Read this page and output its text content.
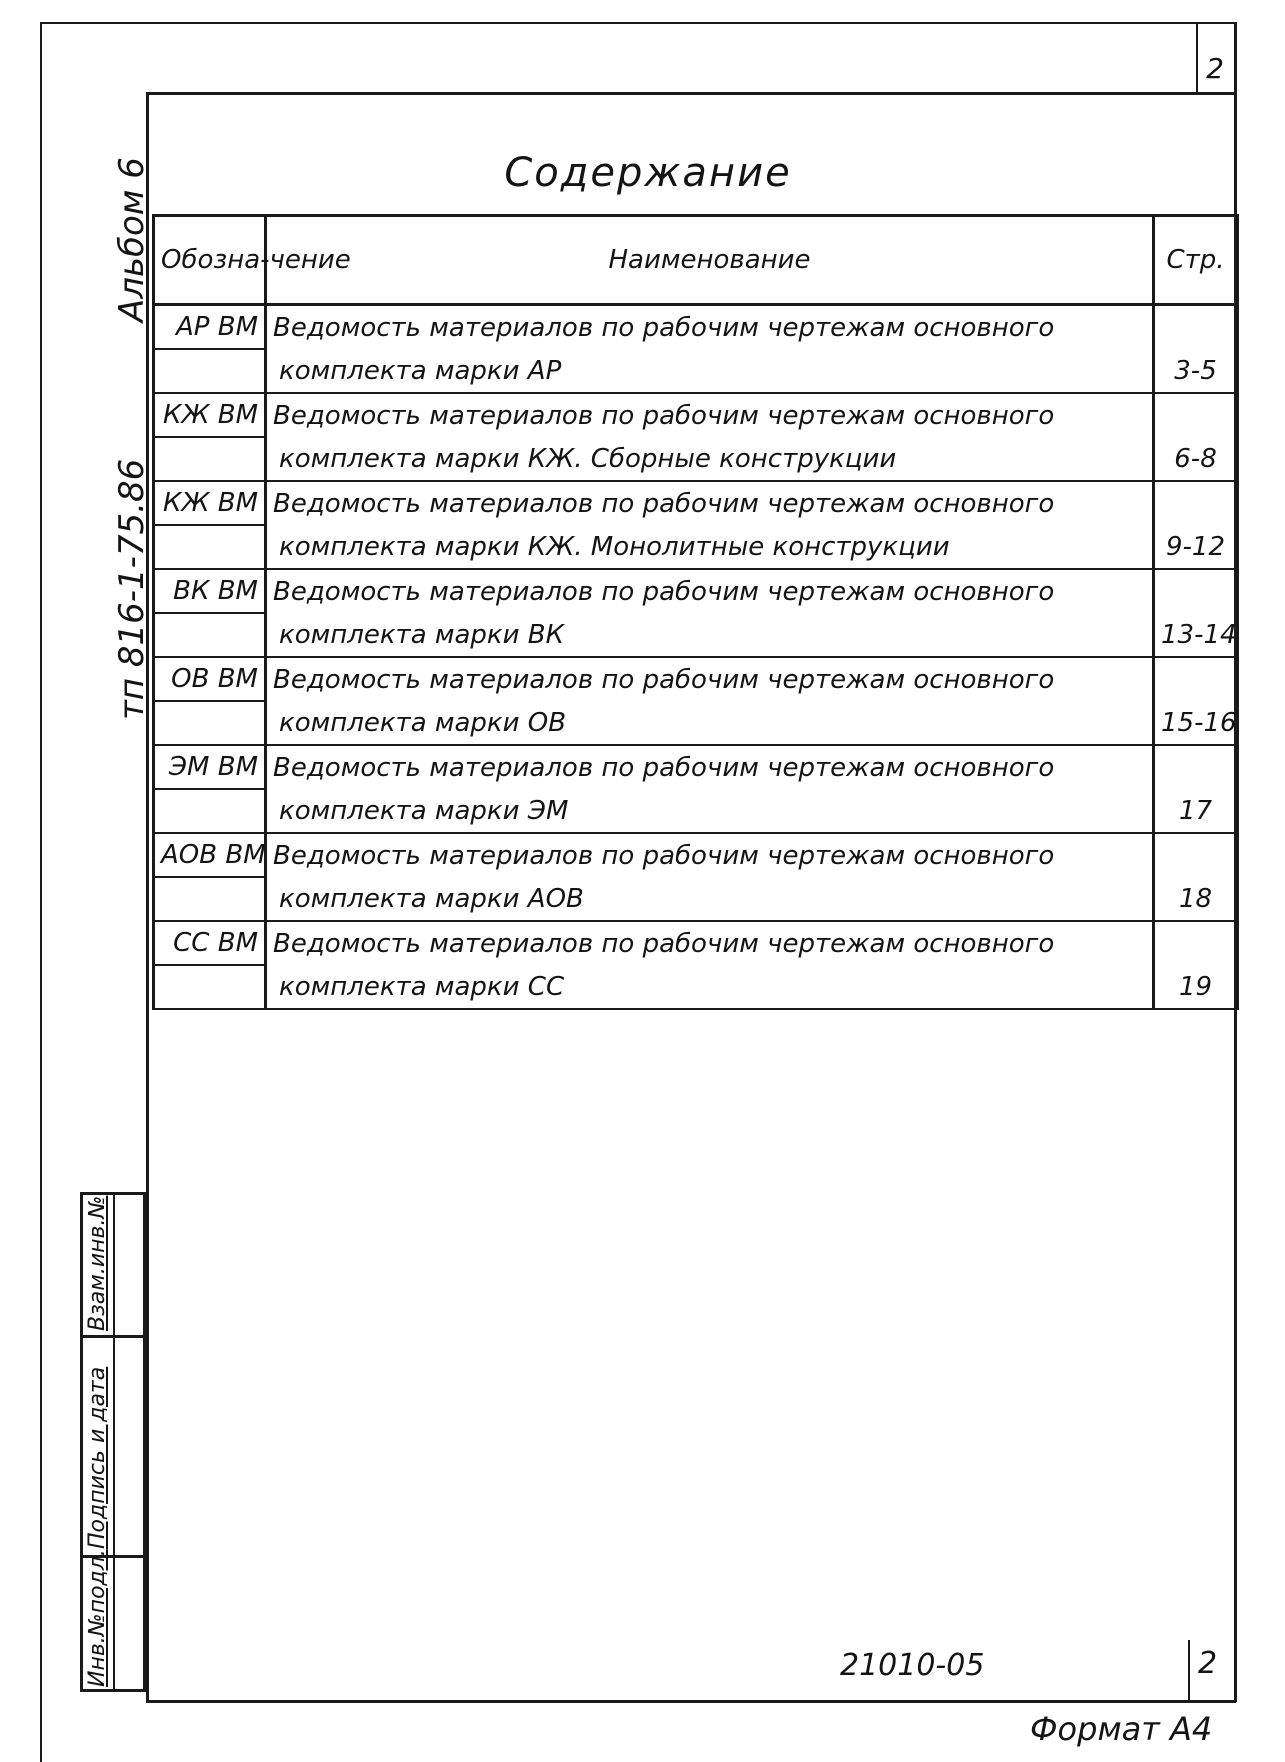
2
Содержание
Альбом 6
тп 816-1-75.86
Обозна-чение	Наименование	Стр.
АР ВМ	Ведомость материалов по рабочим чертежам основного	
	комплекта марки АР	3-5
КЖ ВМ	Ведомость материалов по рабочим чертежам основного	
	комплекта марки КЖ. Сборные конструкции	6-8
КЖ ВМ	Ведомость материалов по рабочим чертежам основного	
	комплекта марки КЖ. Монолитные конструкции	9-12
ВК ВМ	Ведомость материалов по рабочим чертежам основного	
	комплекта марки ВК	13-14
ОВ ВМ	Ведомость материалов по рабочим чертежам основного	
	комплекта марки ОВ	15-16
ЭМ ВМ	Ведомость материалов по рабочим чертежам основного	
	комплекта марки ЭМ	17
АОВ ВМ	Ведомость материалов по рабочим чертежам основного	
	комплекта марки АОВ	18
СС ВМ	Ведомость материалов по рабочим чертежам основного	
	комплекта марки СС	19
Инв.№подл.
Подпись и дата
Взам.инв.№
21010-05	2
Формат А4
